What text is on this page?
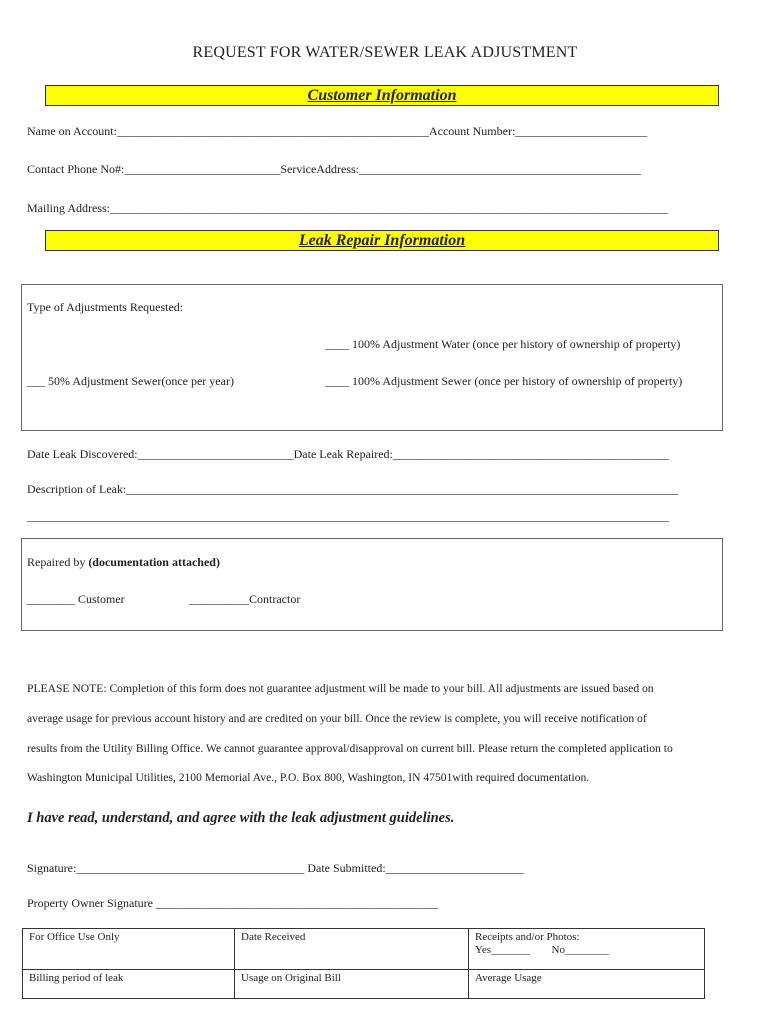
REQUEST FOR WATER/SEWER LEAK ADJUSTMENT
Customer Information
Name on Account:____________________________________________________Account Number:______________________
Contact Phone No#:__________________________ServiceAddress:_______________________________________________
Mailing Address:_____________________________________________________________________________________________
Leak Repair Information
Type of Adjustments Requested:
____ 100% Adjustment Water (once per history of ownership of property)
___ 50% Adjustment Sewer(once per year)	____ 100% Adjustment Sewer (once per history of ownership of property)
Date Leak Discovered:__________________________Date Leak Repaired:______________________________________________
Description of Leak:____________________________________________________________________________________________
___________________________________________________________________________________________________________
Repaired by (documentation attached)
________ Customer	__________Contractor
PLEASE NOTE: Completion of this form does not guarantee adjustment will be made to your bill. All adjustments are issued based on
average usage for previous account history and are credited on your bill. Once the review is complete, you will receive notification of
results from the Utility Billing Office. We cannot guarantee approval/disapproval on current bill. Please return the completed application to
Washington Municipal Utilities, 2100 Memorial Ave., P.O. Box 800, Washington, IN 47501with required documentation.
I have read, understand, and agree with the leak adjustment guidelines.
Signature:______________________________________ Date Submitted:_______________________
Property Owner Signature _______________________________________________
For Office Use Only	Date Received	Receipts and/or Photos:
Yes_______        No________

Billing period of leak	Usage on Original Bill	Average Usage
